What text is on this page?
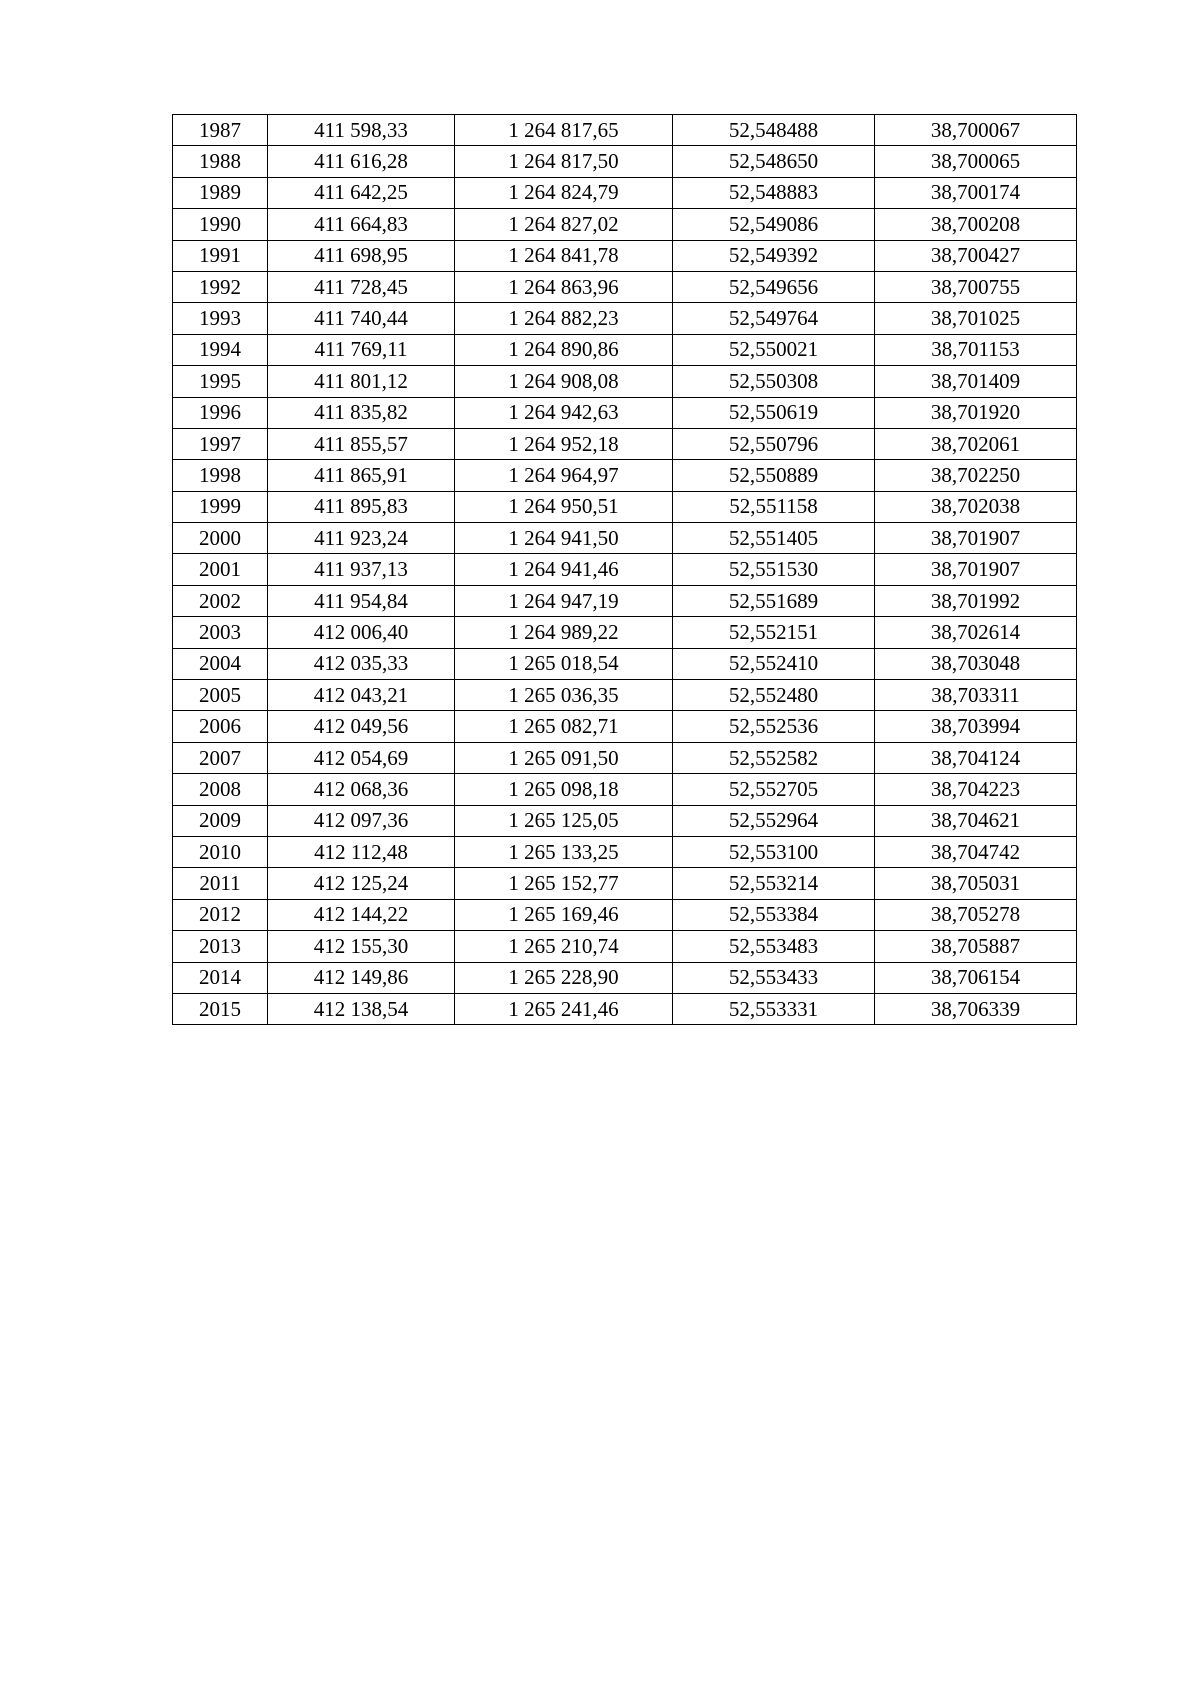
1987	411 598,33	1 264 817,65	52,548488	38,700067
1988	411 616,28	1 264 817,50	52,548650	38,700065
1989	411 642,25	1 264 824,79	52,548883	38,700174
1990	411 664,83	1 264 827,02	52,549086	38,700208
1991	411 698,95	1 264 841,78	52,549392	38,700427
1992	411 728,45	1 264 863,96	52,549656	38,700755
1993	411 740,44	1 264 882,23	52,549764	38,701025
1994	411 769,11	1 264 890,86	52,550021	38,701153
1995	411 801,12	1 264 908,08	52,550308	38,701409
1996	411 835,82	1 264 942,63	52,550619	38,701920
1997	411 855,57	1 264 952,18	52,550796	38,702061
1998	411 865,91	1 264 964,97	52,550889	38,702250
1999	411 895,83	1 264 950,51	52,551158	38,702038
2000	411 923,24	1 264 941,50	52,551405	38,701907
2001	411 937,13	1 264 941,46	52,551530	38,701907
2002	411 954,84	1 264 947,19	52,551689	38,701992
2003	412 006,40	1 264 989,22	52,552151	38,702614
2004	412 035,33	1 265 018,54	52,552410	38,703048
2005	412 043,21	1 265 036,35	52,552480	38,703311
2006	412 049,56	1 265 082,71	52,552536	38,703994
2007	412 054,69	1 265 091,50	52,552582	38,704124
2008	412 068,36	1 265 098,18	52,552705	38,704223
2009	412 097,36	1 265 125,05	52,552964	38,704621
2010	412 112,48	1 265 133,25	52,553100	38,704742
2011	412 125,24	1 265 152,77	52,553214	38,705031
2012	412 144,22	1 265 169,46	52,553384	38,705278
2013	412 155,30	1 265 210,74	52,553483	38,705887
2014	412 149,86	1 265 228,90	52,553433	38,706154
2015	412 138,54	1 265 241,46	52,553331	38,706339
